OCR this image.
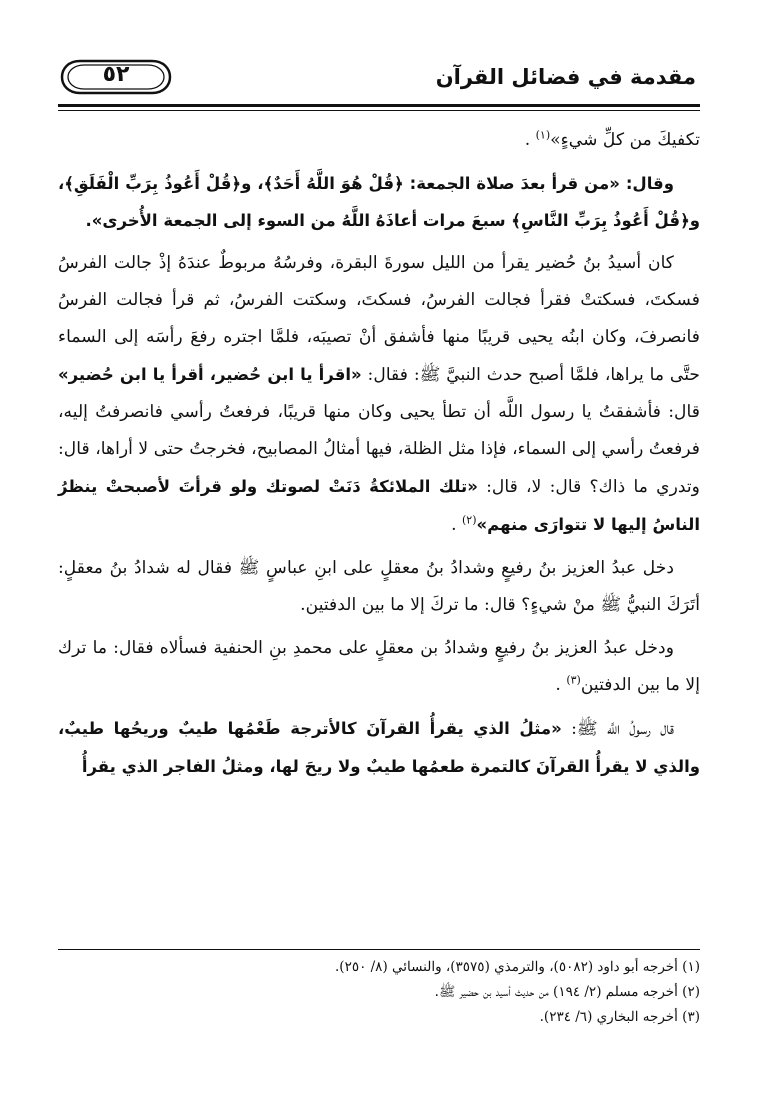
مقدمة في فضائل القرآن
٥٢

تكفيكَ من كلِّ شيءٍ»$^{(١)}$ .

وقال: «من قرأ بعدَ صلاة الجمعة: ﴿قُلْ هُوَ اللَّهُ أَحَدٌ﴾، و﴿قُلْ أَعُوذُ بِرَبِّ الْفَلَقِ﴾، و﴿قُلْ أَعُوذُ بِرَبِّ النَّاسِ﴾ سبعَ مرات أعاذَهُ اللَّهُ من السوء إلى الجمعة الأُخرى».

كان أسيدُ بنُ حُضير يقرأ من الليل سورةَ البقرة، وفرسُهُ مربوطٌ عندَهُ إذْ جالت الفرسُ فسكتَ، فسكتتْ فقرأ فجالت الفرسُ، فسكتَ، وسكتت الفرسُ، ثم قرأ فجالت الفرسُ فانصرفَ، وكان ابنُه يحيى قريبًا منها فأشفق أنْ تصيبَه، فلمَّا اجتره رفعَ رأسَه إلى السماء حتَّى ما يراها، فلمَّا أصبح حدث النبيَّ ﷺ: فقال: «اقرأ يا ابن حُضير، أقرأ يا ابن حُضير» قال: فأشفقتُ يا رسول اللَّه أن تطأ يحيى وكان منها قريبًا، فرفعتُ رأسي فانصرفتُ إليه، فرفعتُ رأسي إلى السماء، فإذا مثل الظلة، فيها أمثالُ المصابيح، فخرجتُ حتى لا أراها، قال: وتدري ما ذاك؟ قال: لا، قال: «تلك الملائكةُ دَنَتْ لصوتك ولو قرأتَ لأصبحتْ ينظرُ الناسُ إليها لا تتوارَى منهم»$^{(٢)}$ .

دخل عبدُ العزيز بنُ رفيعٍ وشدادُ بنُ معقلٍ على ابنِ عباسٍ ﷺ فقال له شدادُ بنُ معقلٍ: أتَرَكَ النبيُّ ﷺ منْ شيءٍ؟ قال: ما تركَ إلا ما بين الدفتين.

ودخل عبدُ العزيز بنُ رفيعٍ وشدادُ بن معقلٍ على محمدِ بنِ الحنفية فسألاه فقال: ما ترك إلا ما بين الدفتين$^{(٣)}$ .

قال رسولُ اللَّه ﷺ: «مثلُ الذي يقرأُ القرآنَ كالأترجة طَعْمُها طيبٌ وريحُها طيبٌ، والذي لا يقرأُ القرآنَ كالتمرة طعمُها طيبٌ ولا ريحَ لها، ومثلُ الفاجر الذي يقرأُ

(١) أخرجه أبو داود (٥٠٨٢)، والترمذي (٣٥٧٥)، والنسائي (٨/ ٢٥٠).

(٢) أخرجه مسلم (٢/ ١٩٤) من حديث أسيد بن حضير ﷺ.

(٣) أخرجه البخاري (٦/ ٢٣٤).
